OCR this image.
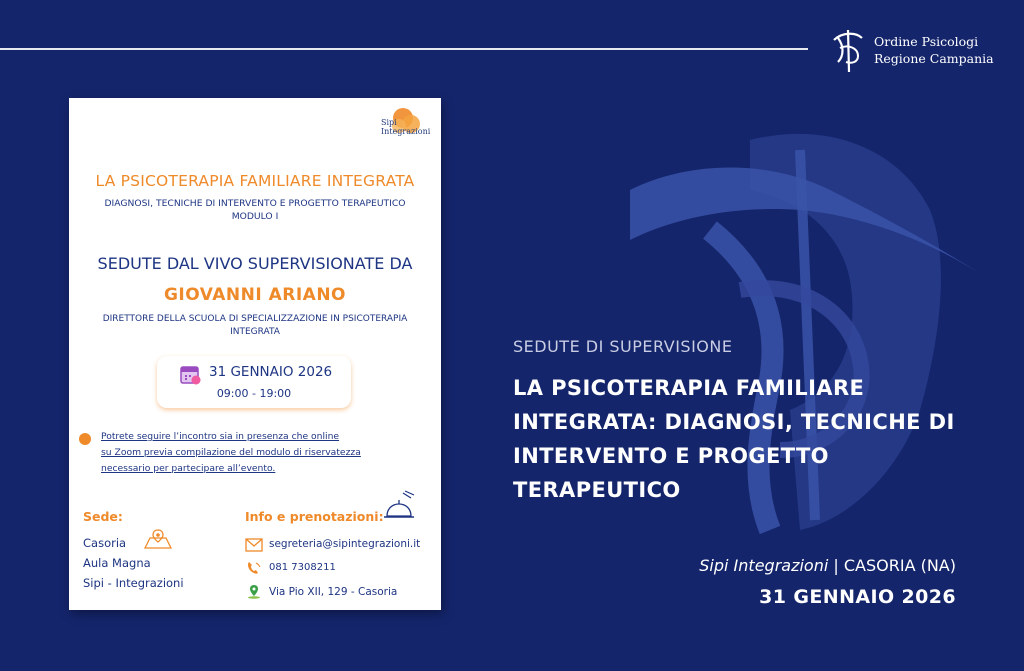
Ordine Psicologi
Regione Campania
Sipi Integrazioni
LA PSICOTERAPIA FAMILIARE INTEGRATA
DIAGNOSI, TECNICHE DI INTERVENTO E PROGETTO TERAPEUTICO
MODULO I
SEDUTE DAL VIVO SUPERVISIONATE DA
GIOVANNI ARIANO
DIRETTORE DELLA SCUOLA DI SPECIALIZZAZIONE IN PSICOTERAPIA
INTEGRATA
31 GENNAIO 2026
09:00 - 19:00
Potrete seguire l’incontro sia in presenza che online
su Zoom previa compilazione del modulo di riservatezza
necessario per partecipare all’evento.
Sede:	Info e prenotazioni:
Casoria
Aula Magna
Sipi - Integrazioni
segreteria@sipintegrazioni.it
081 7308211
Via Pio XII, 129 - Casoria
SEDUTE DI SUPERVISIONE
LA PSICOTERAPIA FAMILIARE INTEGRATA: DIAGNOSI, TECNICHE DI INTERVENTO E PROGETTO TERAPEUTICO
Sipi Integrazioni | CASORIA (NA)
31 GENNAIO 2026
